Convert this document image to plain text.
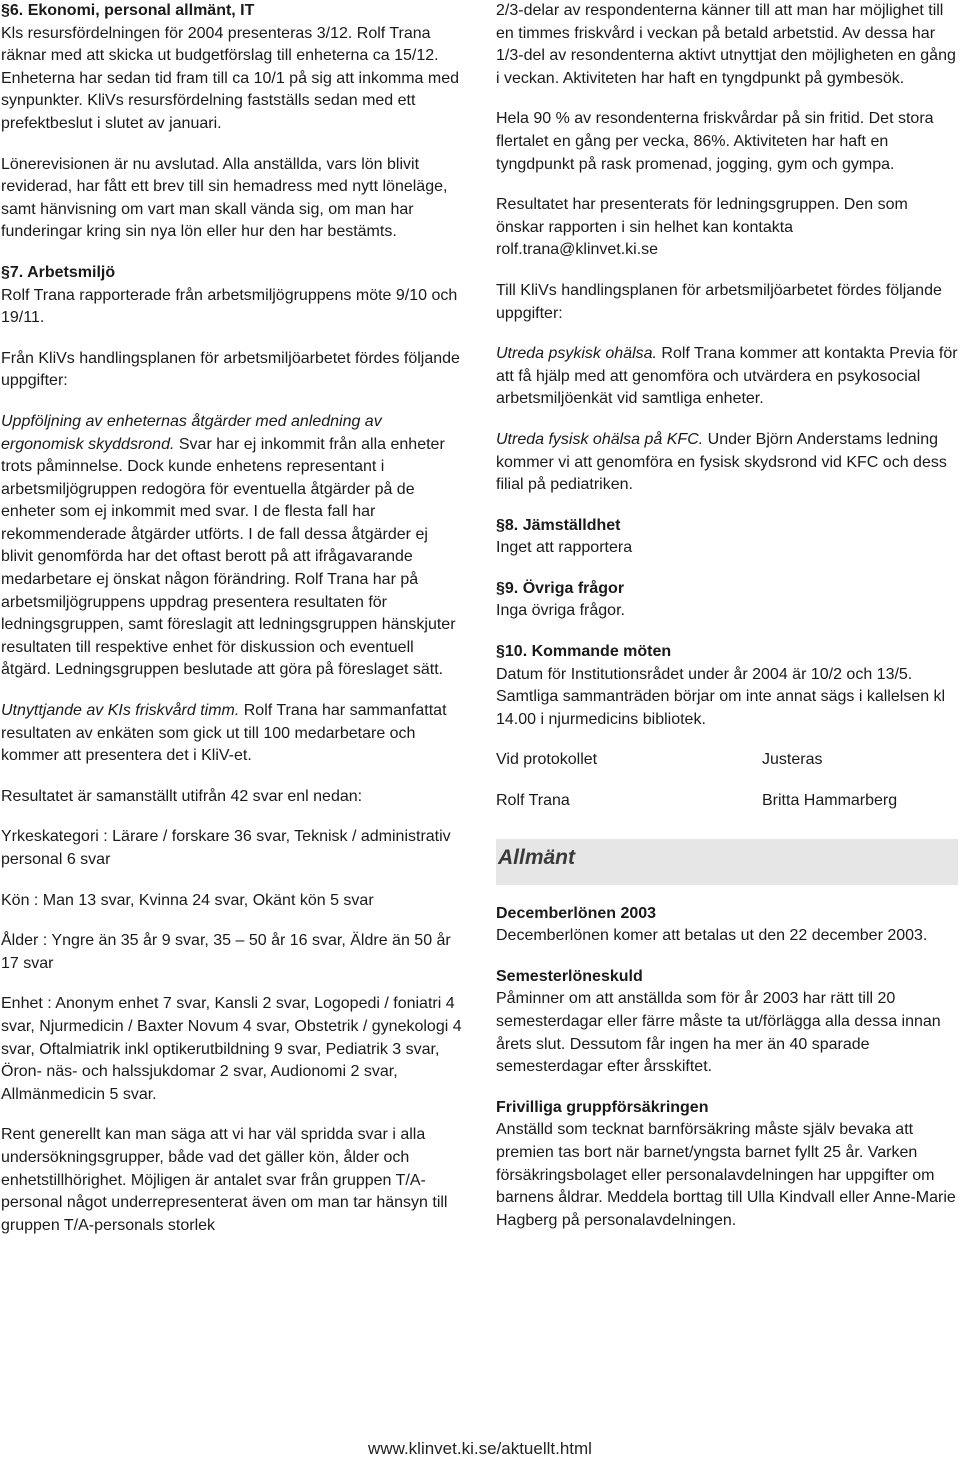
§6. Ekonomi, personal allmänt, IT

Kls resursfördelningen för 2004 presenteras 3/12. Rolf Trana räknar med att skicka ut budgetförslag till enheterna ca 15/12. Enheterna har sedan tid fram till ca 10/1 på sig att inkomma med synpunkter. KliVs resursfördelning fastställs sedan med ett prefektbeslut i slutet av januari.

Lönerevisionen är nu avslutad. Alla anställda, vars lön blivit reviderad, har fått ett brev till sin hemadress med nytt löneläge, samt hänvisning om vart man skall vända sig, om man har funderingar kring sin nya lön eller hur den har bestämts.

§7. Arbetsmiljö

Rolf Trana rapporterade från arbetsmiljögruppens möte 9/10 och 19/11.

Från KliVs handlingsplanen för arbetsmiljöarbetet fördes följande uppgifter:

Uppföljning av enheternas åtgärder med anledning av ergonomisk skyddsrond. Svar har ej inkommit från alla enheter trots påminnelse. Dock kunde enhetens representant i arbetsmiljögruppen redogöra för eventuella åtgärder på de enheter som ej inkommit med svar. I de flesta fall har rekommenderade åtgärder utförts. I de fall dessa åtgärder ej blivit genomförda har det oftast berott på att ifrågavarande medarbetare ej önskat någon förändring. Rolf Trana har på arbetsmiljögruppens uppdrag presentera resultaten för ledningsgruppen, samt föreslagit att ledningsgruppen hänskjuter resultaten till respektive enhet för diskussion och eventuell åtgärd. Ledningsgruppen beslutade att göra på föreslaget sätt.

Utnyttjande av KIs friskvård timm. Rolf Trana har sammanfattat resultaten av enkäten som gick ut till 100 medarbetare och kommer att presentera det i KliV-et.

Resultatet är samanställt utifrån 42 svar enl nedan:

Yrkeskategori : Lärare / forskare 36 svar, Teknisk / administrativ personal 6 svar

Kön : Man 13 svar, Kvinna 24 svar, Okänt kön 5 svar

Ålder : Yngre än 35 år 9 svar, 35 – 50 år 16 svar, Äldre än 50 år 17 svar

Enhet : Anonym enhet 7 svar, Kansli 2 svar, Logopedi / foniatri 4 svar, Njurmedicin / Baxter Novum 4 svar, Obstetrik / gynekologi 4 svar, Oftalmiatrik inkl optikerutbildning 9 svar, Pediatrik 3 svar, Öron- näs- och halssjukdomar 2 svar, Audionomi 2 svar, Allmänmedicin 5 svar.

Rent generellt kan man säga att vi har väl spridda svar i alla undersökningsgrupper, både vad det gäller kön, ålder och enhetstillhörighet. Möjligen är antalet svar från gruppen T/A-personal något underrepresenterat även om man tar hänsyn till gruppen T/A-personals storlek

2/3-delar av respondenterna känner till att man har möjlighet till en timmes friskvård i veckan på betald arbetstid. Av dessa har 1/3-del av resondenterna aktivt utnyttjat den möjligheten en gång i veckan. Aktiviteten har haft en tyngdpunkt på gymbesök.

Hela 90 % av resondenterna friskvårdar på sin fritid. Det stora flertalet en gång per vecka, 86%. Aktiviteten har haft en tyngdpunkt på rask promenad, jogging, gym och gympa.

Resultatet har presenterats för ledningsgruppen. Den som önskar rapporten i sin helhet kan kontakta rolf.trana@klinvet.ki.se

Till KliVs handlingsplanen för arbetsmiljöarbetet fördes följande uppgifter:

Utreda psykisk ohälsa. Rolf Trana kommer att kontakta Previa för att få hjälp med att genomföra och utvärdera en psykosocial arbetsmiljöenkät vid samtliga enheter.

Utreda fysisk ohälsa på KFC. Under Björn Anderstams ledning kommer vi att genomföra en fysisk skydsrond vid KFC och dess filial på pediatriken.

§8. Jämställdhet

Inget att rapportera

§9. Övriga frågor

Inga övriga frågor.

§10. Kommande möten

Datum för Institutionsrådet under år 2004 är 10/2 och 13/5. Samtliga sammanträden börjar om inte annat sägs i kallelsen kl 14.00 i njurmedicins bibliotek.

Vid protokollet	Justeras

Rolf Trana	Britta Hammarberg

Allmänt

Decemberlönen 2003

Decemberlönen komer att betalas ut den 22 december 2003.

Semesterlöneskuld

Påminner om att anställda som för år 2003 har rätt till 20 semesterdagar eller färre måste ta ut/förlägga alla dessa innan årets slut. Dessutom får ingen ha mer än 40 sparade semesterdagar efter årsskiftet.

Frivilliga gruppförsäkringen

Anställd som tecknat barnförsäkring måste själv bevaka att premien tas bort när barnet/yngsta barnet fyllt 25 år. Varken försäkringsbolaget eller personalavdelningen har uppgifter om barnens åldrar. Meddela borttag till Ulla Kindvall eller Anne-Marie Hagberg på personalavdelningen.

www.klinvet.ki.se/aktuellt.html
